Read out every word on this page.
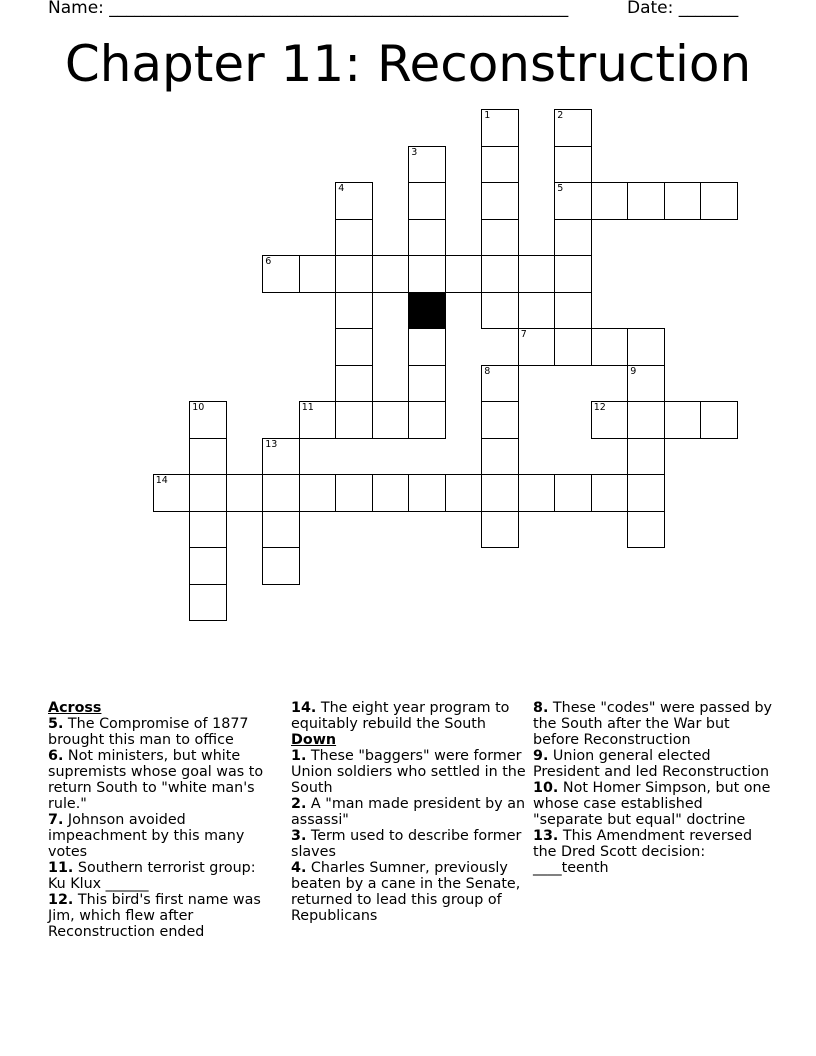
Name: ______________________________________________________	Date: _______
Chapter 11: Reconstruction
5
6
7
11	12
14
1	2
3
4
8	9
10
13
Across
5. The Compromise of 1877 brought this man to office
6. Not ministers, but white supremists whose goal was to return South to "white man's rule."
7. Johnson avoided impeachment by this many votes
11. Southern terrorist group: Ku Klux ______
12. This bird's first name was Jim, which flew after Reconstruction ended
14. The eight year program to equitably rebuild the South
Down
1. These "baggers" were former Union soldiers who settled in the South
2. A "man made president by an assassi"
3. Term used to describe former slaves
4. Charles Sumner, previously beaten by a cane in the Senate, returned to lead this group of Republicans
8. These "codes" were passed by the South after the War but before Reconstruction
9. Union general elected President and led Reconstruction
10. Not Homer Simpson, but one whose case established "separate but equal" doctrine
13. This Amendment reversed the Dred Scott decision: ____teenth
